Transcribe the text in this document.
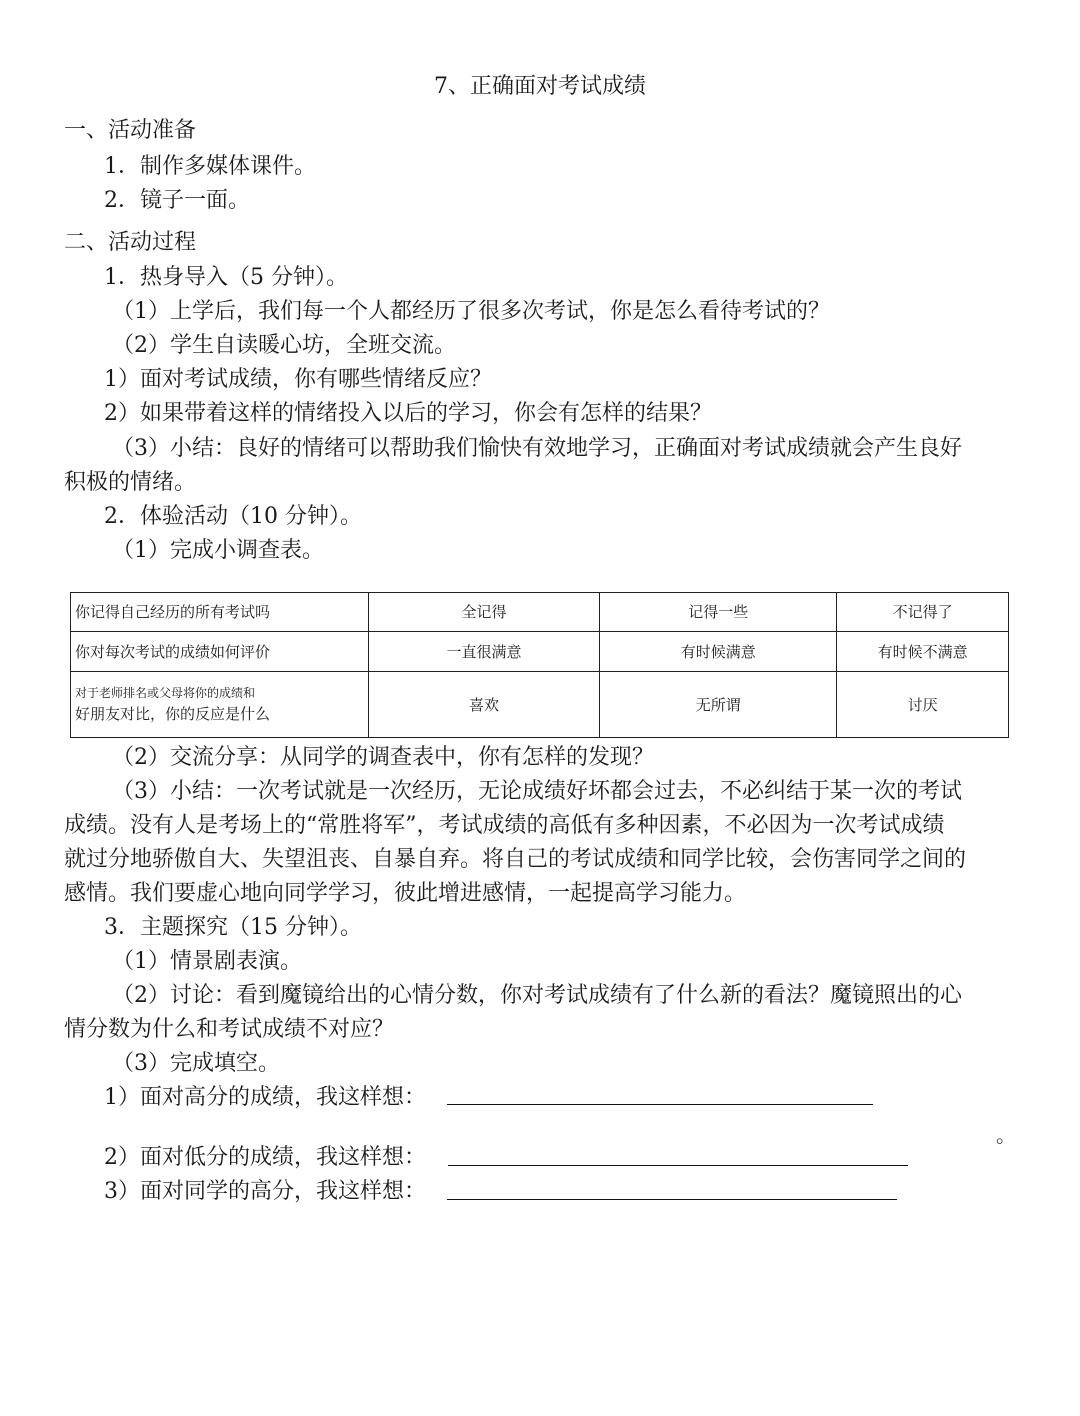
7、正确面对考试成绩
一、活动准备
1．制作多媒体课件。
2．镜子一面。
二、活动过程
1．热身导入（5 分钟）。
（1）上学后，我们每一个人都经历了很多次考试，你是怎么看待考试的？
（2）学生自读暖心坊，全班交流。
1）面对考试成绩，你有哪些情绪反应？
2）如果带着这样的情绪投入以后的学习，你会有怎样的结果？
（3）小结：良好的情绪可以帮助我们愉快有效地学习，正确面对考试成绩就会产生良好
积极的情绪。
2．体验活动（10 分钟）。
（1）完成小调查表。
你记得自己经历的所有考试吗	全记得	记得一些	不记得了
你对每次考试的成绩如何评价	一直很满意	有时候满意	有时候不满意

对于老师排名或父母将你的成绩和
好朋友对比，你的反应是什么	喜欢	无所谓	讨厌
（2）交流分享：从同学的调查表中，你有怎样的发现？
（3）小结：一次考试就是一次经历，无论成绩好坏都会过去，不必纠结于某一次的考试
成绩。没有人是考场上的“常胜将军”，考试成绩的高低有多种因素，不必因为一次考试成绩
就过分地骄傲自大、失望沮丧、自暴自弃。将自己的考试成绩和同学比较，会伤害同学之间的
感情。我们要虚心地向同学学习，彼此增进感情，一起提高学习能力。
3．主题探究（15 分钟）。
（1）情景剧表演。
（2）讨论：看到魔镜给出的心情分数，你对考试成绩有了什么新的看法？魔镜照出的心
情分数为什么和考试成绩不对应？
（3）完成填空。
1）面对高分的成绩，我这样想：
。
2）面对低分的成绩，我这样想：
3）面对同学的高分，我这样想：
